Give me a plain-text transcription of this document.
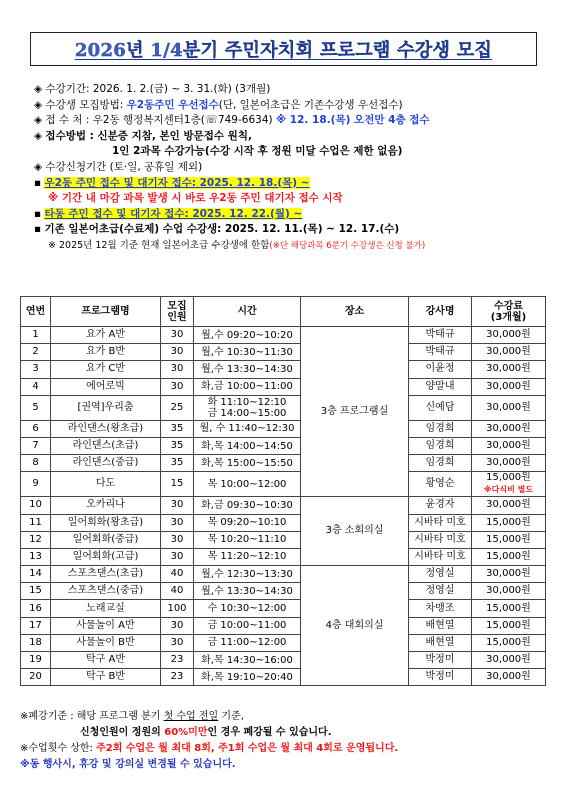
2026년 1/4분기 주민자치회 프로그램 수강생 모집
◈ 수강기간: 2026. 1. 2.(금) ~ 3. 31.(화) (3개월)
◈ 수강생 모집방법: 우2동주민 우선접수(단, 일본어초급은 기존수강생 우선접수)
◈ 접 수 처 : 우2동 행정복지센터1층(☏749-6634) ※ 12. 18.(목) 오전만 4층 접수
◈ 접수방법 : 신분증 지참, 본인 방문접수 원칙,
1인 2과목 수강가능(수강 시작 후 정원 미달 수업은 제한 없음)
◈ 수강신청기간 (토·일, 공휴일 제외)
▪ 우2동 주민 접수 및 대기자 접수: 2025. 12. 18.(목) ~
※ 기간 내 마감 과목 발생 시 바로 우2동 주민 대기자 접수 시작
▪ 타동 주민 접수 및 대기자 접수: 2025. 12. 22.(월) ~
▪ 기존 일본어초급(수료제) 수업 수강생: 2025. 12. 11.(목) ~ 12. 17.(수)
※ 2025년 12월 기준 현재 일본어초급 수강생에 한함(※단 해당과목 6분기 수강생은 신청 불가)
연번	프로그램명	모집
인원	시간	장소	강사명	수강료
(3개월)
1	요가 A반	30	월,수 09:20~10:20	3층 프로그램실	박태규	30,000원

2	요가 B반	30	월,수 10:30~11:30		박태규	30,000원

3	요가 C반	30	월,수 13:30~14:30		이윤정	30,000원

4	에어로빅	30	화,금 10:00~11:00		양말내	30,000원

5	[권역]우리춤	25	화 11:10~12:10
금 14:00~15:00		신예담	30,000원

6	라인댄스(왕초급)	35	월, 수 11:40~12:30		임경희	30,000원

7	라인댄스(초급)	35	화,목 14:00~14:50		임경희	30,000원

8	라인댄스(중급)	35	화,목 15:00~15:50		임경희	30,000원

9	다도	15	목 10:00~12:00		황영순	15,000원
※다식비 별도

10	오카리나	30	화,금 09:30~10:30	3층 소회의실	윤경자	30,000원

11	일어회화(왕초급)	30	목 09:20~10:10		시바타 미호	15,000원

12	일어회화(중급)	30	목 10:20~11:10		시바타 미호	15,000원

13	일어회화(고급)	30	목 11:20~12:10		시바타 미호	15,000원

14	스포츠댄스(초급)	40	월,수 12:30~13:30	4층 대회의실	정영실	30,000원

15	스포츠댄스(중급)	40	월,수 13:30~14:30		정영실	30,000원

16	노래교실	100	수 10:30~12:00		차맹조	15,000원

17	사물놀이 A반	30	금 10:00~11:00		배현열	15,000원

18	사물놀이 B반	30	금 11:00~12:00		배현열	15,000원

19	탁구 A반	23	화,목 14:30~16:00		박정미	30,000원

20	탁구 B반	23	화,목 19:10~20:40		박정미	30,000원
※폐강기준 : 해당 프로그램 분기 첫 수업 전일 기준,
신청인원이 정원의 60%미만인 경우 폐강될 수 있습니다.
※수업횟수 상한: 주2회 수업은 월 최대 8회, 주1회 수업은 월 최대 4회로 운영됩니다.
※동 행사시, 휴강 및 강의실 변경될 수 있습니다.
